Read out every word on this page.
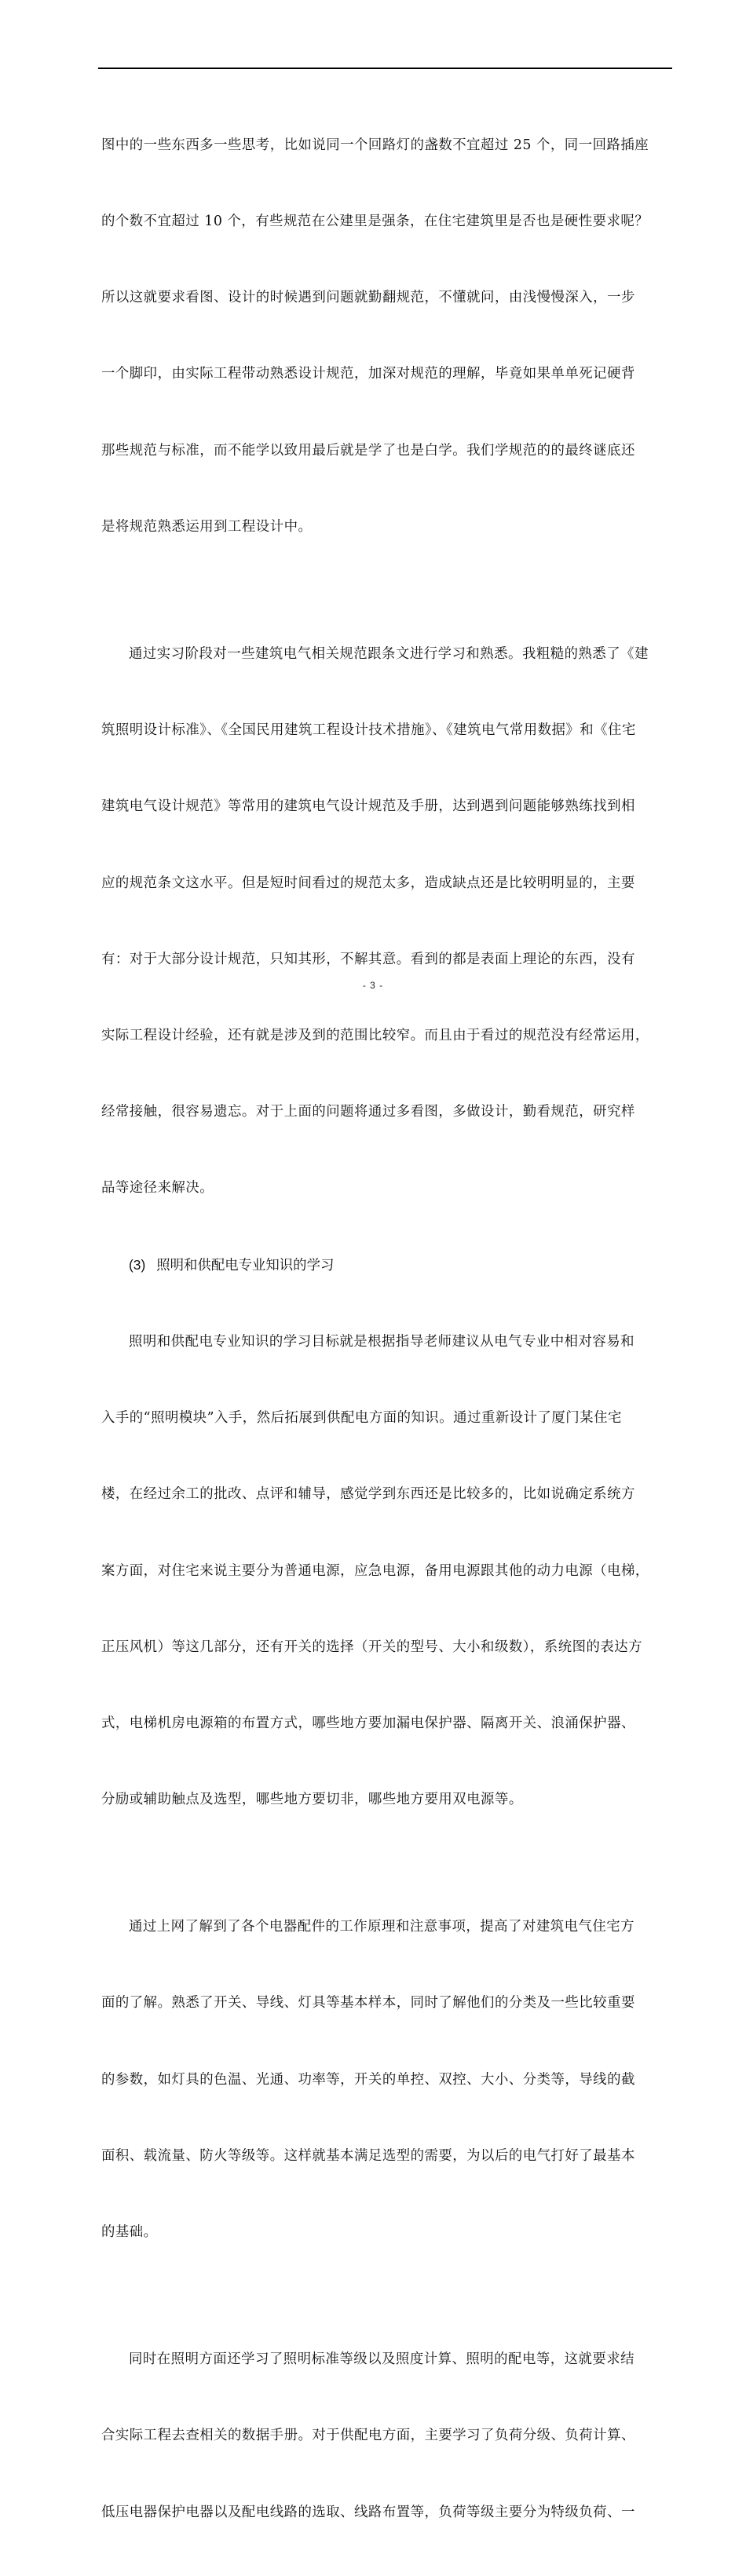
图中的一些东西多一些思考，比如说同一个回路灯的盏数不宜超过 25 个，同一回路插座

的个数不宜超过 10 个，有些规范在公建里是强条，在住宅建筑里是否也是硬性要求呢？

所以这就要求看图、设计的时候遇到问题就勤翻规范，不懂就问，由浅慢慢深入，一步

一个脚印，由实际工程带动熟悉设计规范，加深对规范的理解，毕竟如果单单死记硬背

那些规范与标准，而不能学以致用最后就是学了也是白学。我们学规范的的最终谜底还

是将规范熟悉运用到工程设计中。

通过实习阶段对一些建筑电气相关规范跟条文进行学习和熟悉。我粗糙的熟悉了《建

筑照明设计标准》、《全国民用建筑工程设计技术措施》、《建筑电气常用数据》和《住宅

建筑电气设计规范》等常用的建筑电气设计规范及手册，达到遇到问题能够熟练找到相

应的规范条文这水平。但是短时间看过的规范太多，造成缺点还是比较明明显的，主要

有：对于大部分设计规范，只知其形，不解其意。看到的都是表面上理论的东西，没有

实际工程设计经验，还有就是涉及到的范围比较窄。而且由于看过的规范没有经常运用，

经常接触，很容易遗忘。对于上面的问题将通过多看图，多做设计，勤看规范，研究样

品等途径来解决。

(3) 照明和供配电专业知识的学习

照明和供配电专业知识的学习目标就是根据指导老师建议从电气专业中相对容易和

入手的“照明模块”入手，然后拓展到供配电方面的知识。通过重新设计了厦门某住宅

楼，在经过余工的批改、点评和辅导，感觉学到东西还是比较多的，比如说确定系统方

案方面，对住宅来说主要分为普通电源，应急电源，备用电源跟其他的动力电源（电梯，

正压风机）等这几部分，还有开关的选择（开关的型号、大小和级数），系统图的表达方

式，电梯机房电源箱的布置方式，哪些地方要加漏电保护器、隔离开关、浪涌保护器、

分励或辅助触点及选型，哪些地方要切非，哪些地方要用双电源等。

通过上网了解到了各个电器配件的工作原理和注意事项，提高了对建筑电气住宅方

面的了解。熟悉了开关、导线、灯具等基本样本，同时了解他们的分类及一些比较重要

的参数，如灯具的色温、光通、功率等，开关的单控、双控、大小、分类等，导线的截

面积、载流量、防火等级等。这样就基本满足选型的需要，为以后的电气打好了最基本

的基础。

同时在照明方面还学习了照明标准等级以及照度计算、照明的配电等，这就要求结

合实际工程去查相关的数据手册。对于供配电方面，主要学习了负荷分级、负荷计算、

低压电器保护电器以及配电线路的选取、线路布置等，负荷等级主要分为特级负荷、一

- 3 -
